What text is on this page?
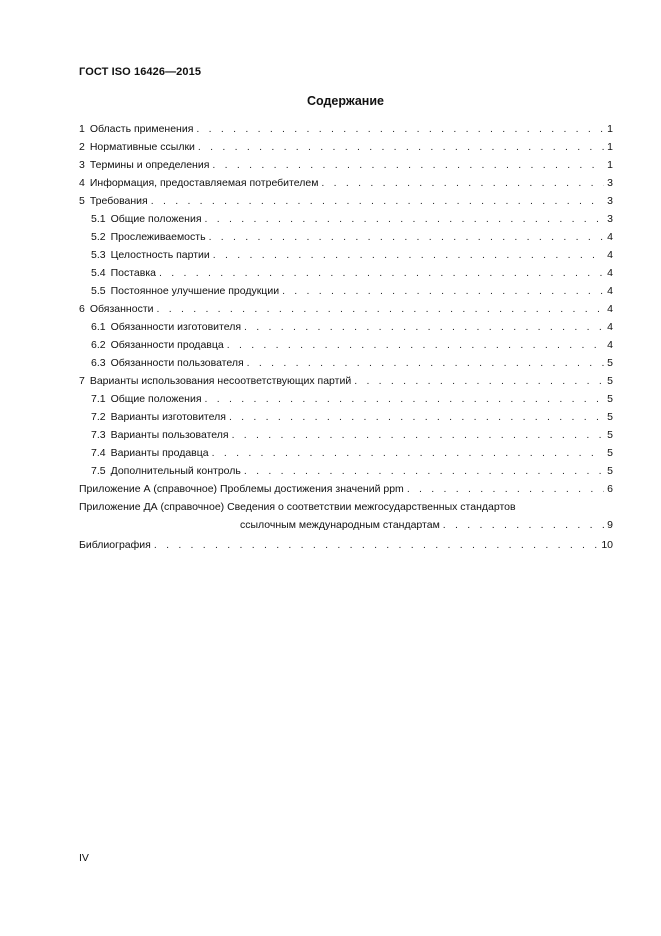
ГОСТ ISO 16426—2015
Содержание
1 Область применения . . .	1
2 Нормативные ссылки . . .	1
3 Термины и определения . . .	1
4 Информация, предоставляемая потребителем . . .	3
5 Требования . . .	3
5.1 Общие положения . . .	3
5.2 Прослеживаемость . . .	4
5.3 Целостность партии . . .	4
5.4 Поставка . . .	4
5.5 Постоянное улучшение продукции . . .	4
6 Обязанности . . .	4
6.1 Обязанности изготовителя . . .	4
6.2 Обязанности продавца . . .	4
6.3 Обязанности пользователя . . .	5
7 Варианты использования несоответствующих партий . . .	5
7.1 Общие положения . . .	5
7.2 Варианты изготовителя . . .	5
7.3 Варианты пользователя . . .	5
7.4 Варианты продавца . . .	5
7.5 Дополнительный контроль . . .	5
Приложение А (справочное) Проблемы достижения значений ppm . . .	6
Приложение ДА (справочное) Сведения о соответствии межгосударственных стандартов
ссылочным международным стандартам . . .	9
Библиография . . .	10
IV
